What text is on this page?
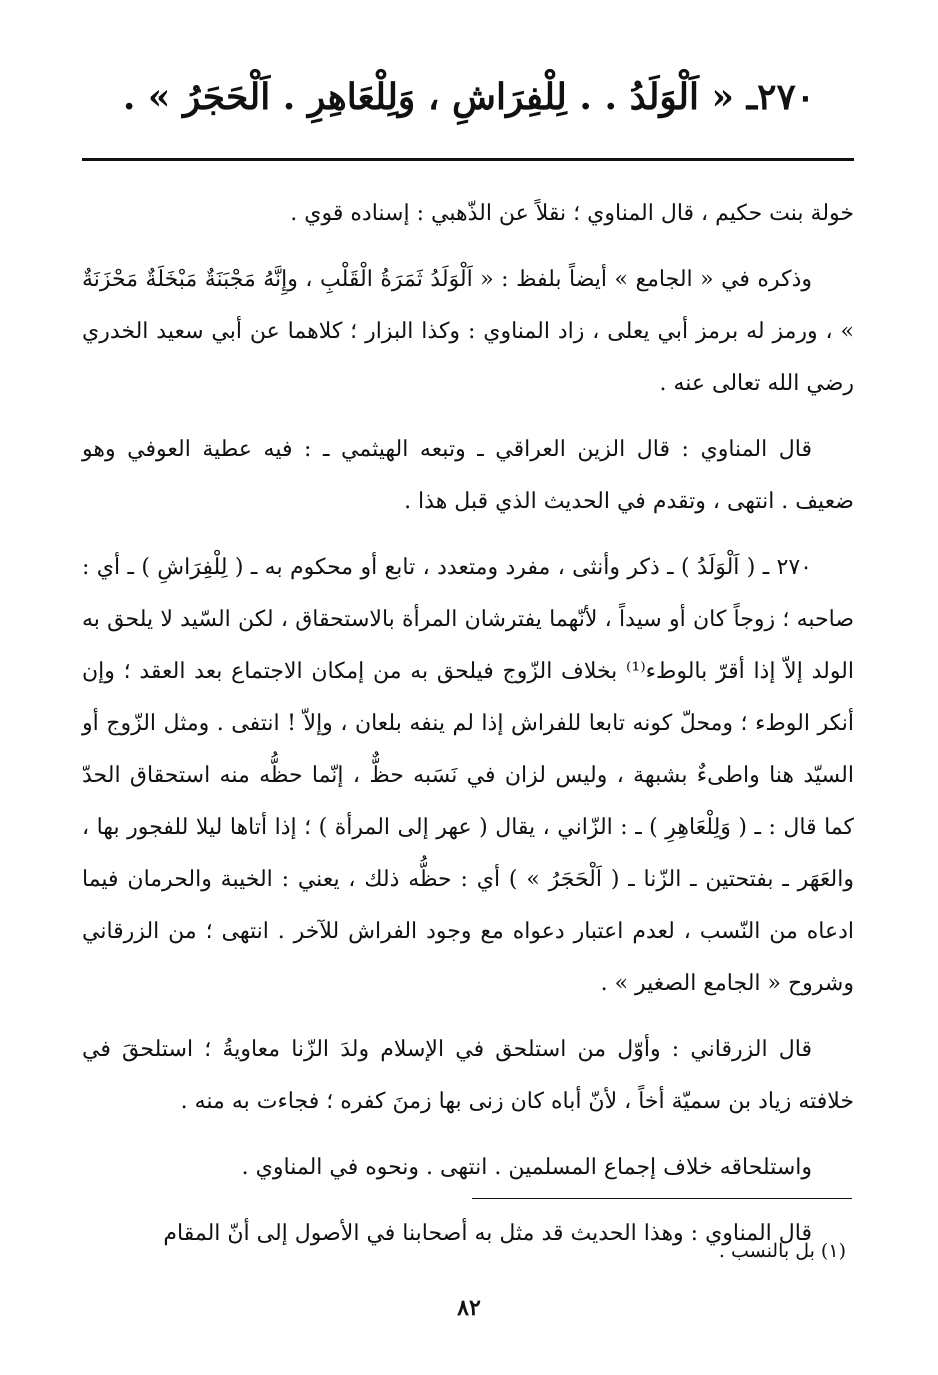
٢٧٠ـ « اَلْوَلَدُ . . لِلْفِرَاشِ ، وَلِلْعَاهِرِ . اَلْحَجَرُ » .

خولة بنت حكيم ، قال المناوي ؛ نقلاً عن الذّهبي : إسناده قوي .

وذكره في « الجامع » أيضاً بلفظ : « اَلْوَلَدُ ثَمَرَةُ الْقَلْبِ ، وإِنَّهُ مَجْبَنَةٌ مَبْخَلَةٌ مَحْزَنَةٌ » ، ورمز له برمز أبي يعلى ، زاد المناوي : وكذا البزار ؛ كلاهما عن أبي سعيد الخدري رضي الله تعالى عنه .

قال المناوي : قال الزين العراقي ـ وتبعه الهيثمي ـ : فيه عطية العوفي وهو ضعيف . انتهى ، وتقدم في الحديث الذي قبل هذا .

٢٧٠ ـ ( اَلْوَلَدُ ) ـ ذكر وأنثى ، مفرد ومتعدد ، تابع أو محكوم به ـ ( لِلْفِرَاشِ ) ـ أي : صاحبه ؛ زوجاً كان أو سيداً ، لأنّهما يفترشان المرأة بالاستحقاق ، لكن السّيد لا يلحق به الولد إلاّ إذا أقرّ بالوطء⁽¹⁾ بخلاف الزّوج فيلحق به من إمكان الاجتماع بعد العقد ؛ وإن أنكر الوطء ؛ ومحلّ كونه تابعا للفراش إذا لم ينفه بلعان ، وإلاّ ! انتفى . ومثل الزّوج أو السيّد هنا واطىءٌ بشبهة ، وليس لزان في نَسَبه حظٌّ ، إنّما حظُّه منه استحقاق الحدّ كما قال : ـ ( وَلِلْعَاهِرِ ) ـ : الزّاني ، يقال ( عهر إلى المرأة ) ؛ إذا أتاها ليلا للفجور بها ، والعَهَر ـ بفتحتين ـ الزّنا ـ ( اَلْحَجَرُ » ) أي : حظُّه ذلك ، يعني : الخيبة والحرمان فيما ادعاه من النّسب ، لعدم اعتبار دعواه مع وجود الفراش للآخر . انتهى ؛ من الزرقاني وشروح « الجامع الصغير » .

قال الزرقاني : وأوّل من استلحق في الإسلام ولدَ الزّنا معاويةُ ؛ استلحقَ في خلافته زياد بن سميّة أخاً ، لأنّ أباه كان زنى بها زمنَ كفره ؛ فجاءت به منه .

واستلحاقه خلاف إجماع المسلمين . انتهى . ونحوه في المناوي .

قال المناوي : وهذا الحديث قد مثل به أصحابنا في الأصول إلى أنّ المقام

(١) بل بالنسب .
٨٢
